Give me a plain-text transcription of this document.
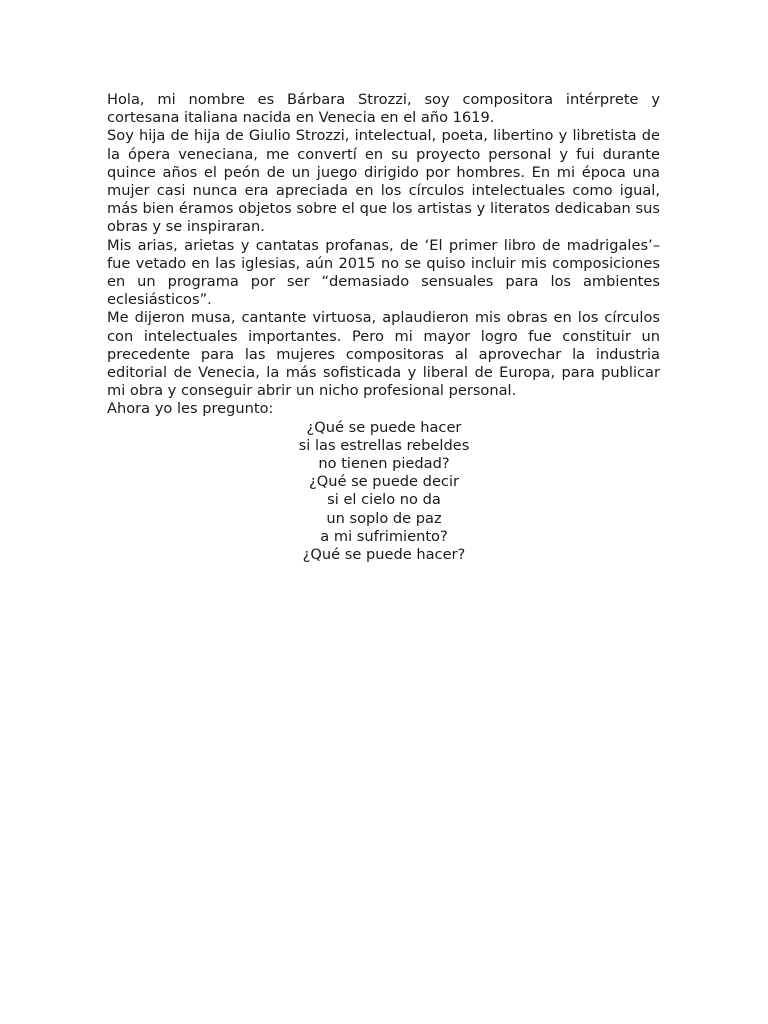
Hola, mi nombre es Bárbara Strozzi, soy compositora intérprete y cortesana italiana nacida en Venecia en el año 1619.

Soy hija de hija de Giulio Strozzi, intelectual, poeta, libertino y libretista de la ópera veneciana, me convertí en su proyecto personal y fui durante quince años el peón de un juego dirigido por hombres. En mi época una mujer casi nunca era apreciada en los círculos intelectuales como igual, más bien éramos objetos sobre el que los artistas y literatos dedicaban sus obras y se inspiraran.

Mis arias, arietas y cantatas profanas, de ‘El primer libro de madrigales’– fue vetado en las iglesias, aún 2015 no se quiso incluir mis composiciones en un programa por ser “demasiado sensuales para los ambientes eclesiásticos”.

Me dijeron musa, cantante virtuosa, aplaudieron mis obras en los círculos con intelectuales importantes. Pero mi mayor logro fue constituir un precedente para las mujeres compositoras al aprovechar la industria editorial de Venecia, la más sofisticada y liberal de Europa, para publicar mi obra y conseguir abrir un nicho profesional personal.

Ahora yo les pregunto:

¿Qué se puede hacer
si las estrellas rebeldes
no tienen piedad?
¿Qué se puede decir
si el cielo no da
un soplo de paz
a mi sufrimiento?
¿Qué se puede hacer?
